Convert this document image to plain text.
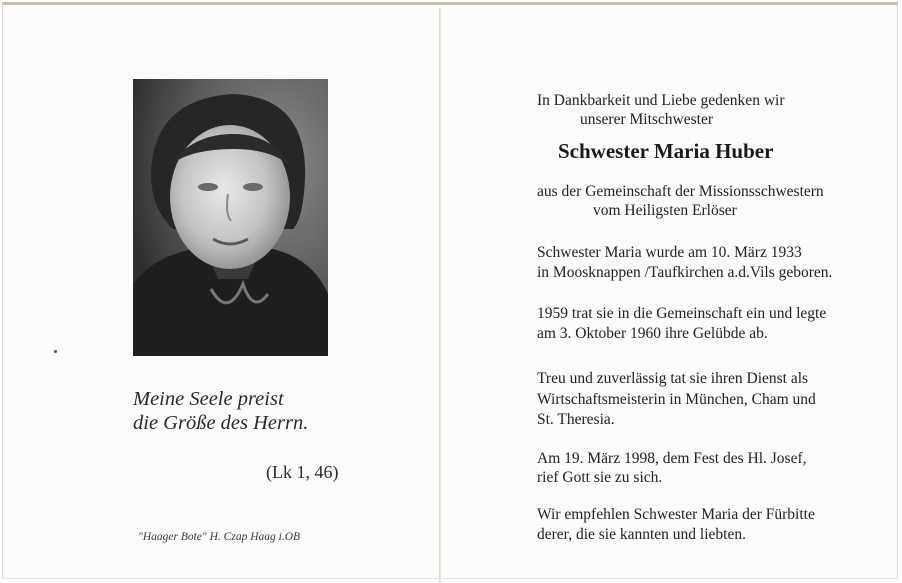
Meine Seele preist
die Größe des Herrn.
(Lk 1, 46)
"Haager Bote" H. Czap Haag i.OB
In Dankbarkeit und Liebe gedenken wir
unserer Mitschwester
Schwester Maria Huber
aus der Gemeinschaft der Missionsschwestern
vom Heiligsten Erlöser
Schwester Maria wurde am 10. März 1933
in Moosknappen /Taufkirchen a.d.Vils geboren.
1959 trat sie in die Gemeinschaft ein und legte
am 3. Oktober 1960 ihre Gelübde ab.
Treu und zuverlässig tat sie ihren Dienst als
Wirtschaftsmeisterin in München, Cham und
St. Theresia.
Am 19. März 1998, dem Fest des Hl. Josef,
rief Gott sie zu sich.
Wir empfehlen Schwester Maria der Fürbitte
derer, die sie kannten und liebten.
